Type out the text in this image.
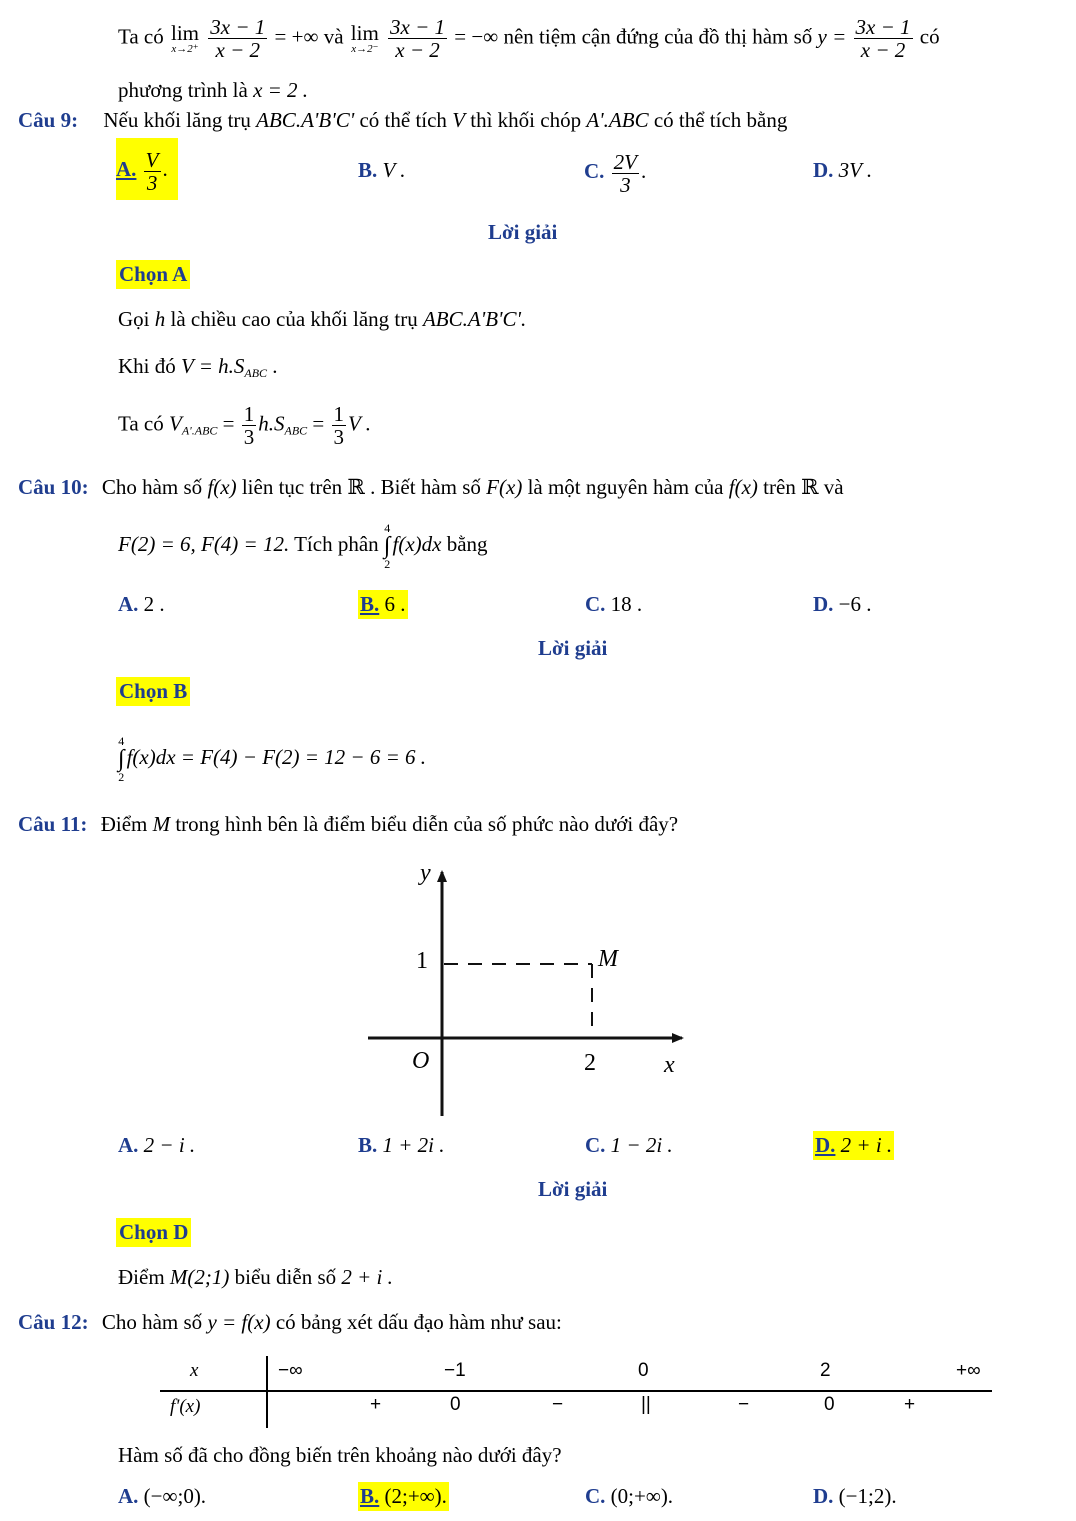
Ta có lim
x→2⁺
$\frac{3x - 1}{x - 2}$ = +∞ và lim
x→2⁻
$\frac{3x - 1}{x - 2}$ = −∞ nên tiệm cận đứng của đồ thị hàm số $y = \frac{3x - 1}{x - 2}$ có
phương trình là x = 2 .
Câu 9: Nếu khối lăng trụ ABC.A'B'C' có thể tích V thì khối chóp A'.ABC có thể tích bằng
A. $\frac{V}{3}$ .	B. V .	C. $\frac{2V}{3}$ .	D. 3V .
Lời giải
Chọn A
Gọi h là chiều cao của khối lăng trụ ABC.A'B'C'.
Khi đó $V = h.S_{ABC}$ .
Ta có $V_{A'.ABC} = \frac{1}{3} h.S_{ABC} = \frac{1}{3}$ V .
Câu 10: Cho hàm số f(x) liên tục trên ℝ . Biết hàm số F(x) là một nguyên hàm của f(x) trên ℝ và
F(2) = 6, F(4) = 12. Tích phân 4
∫
2f(x)dx bằng
A. 2 .	B. 6 .	C. 18 .	D. −6 .
Lời giải
Chọn B
4
∫
2f(x)dx = F(4) − F(2) = 12 − 6 = 6 .
Câu 11: Điểm M trong hình bên là điểm biểu diễn của số phức nào dưới đây?
y
x
O
1
2
M
A. 2 − i .	B. 1 + 2i .	C. 1 − 2i .	D. 2 + i .
Lời giải
Chọn D
Điểm M(2;1) biểu diễn số 2 + i .
Câu 12: Cho hàm số y = f(x) có bảng xét dấu đạo hàm như sau:
x
f'(x)
−∞	−1	0	2	+∞
+	0	−	||	−	0	+
Hàm số đã cho đồng biến trên khoảng nào dưới đây?
A. (−∞;0).	B. (2;+∞).	C. (0;+∞).	D. (−1;2).
